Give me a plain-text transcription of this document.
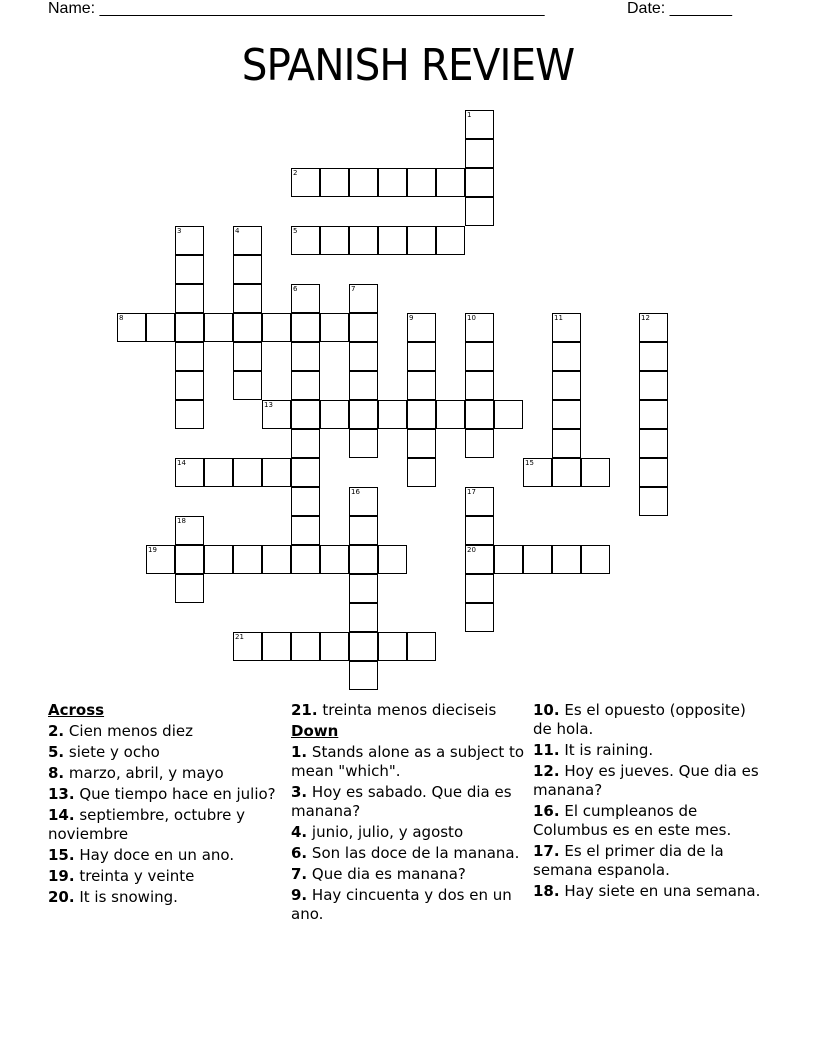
Name: __________________________________________________	Date: _______
SPANISH REVIEW
1
2
3	4	5
6	7
8	9	10	11	12
13
14	15
16	17
20
18
19
21

Across

2. Cien menos diez

5. siete y ocho

8. marzo, abril, y mayo

13. Que tiempo hace en julio?

14. septiembre, octubre y noviembre

15. Hay doce en un ano.

19. treinta y veinte

20. It is snowing.

21. treinta menos dieciseis

Down

1. Stands alone as a subject to mean "which".

3. Hoy es sabado. Que dia es manana?

4. junio, julio, y agosto

6. Son las doce de la manana.

7. Que dia es manana?

9. Hay cincuenta y dos en un ano.

10. Es el opuesto (opposite) de hola.

11. It is raining.

12. Hoy es jueves. Que dia es manana?

16. El cumpleanos de Columbus es en este mes.

17. Es el primer dia de la semana espanola.

18. Hay siete en una semana.
